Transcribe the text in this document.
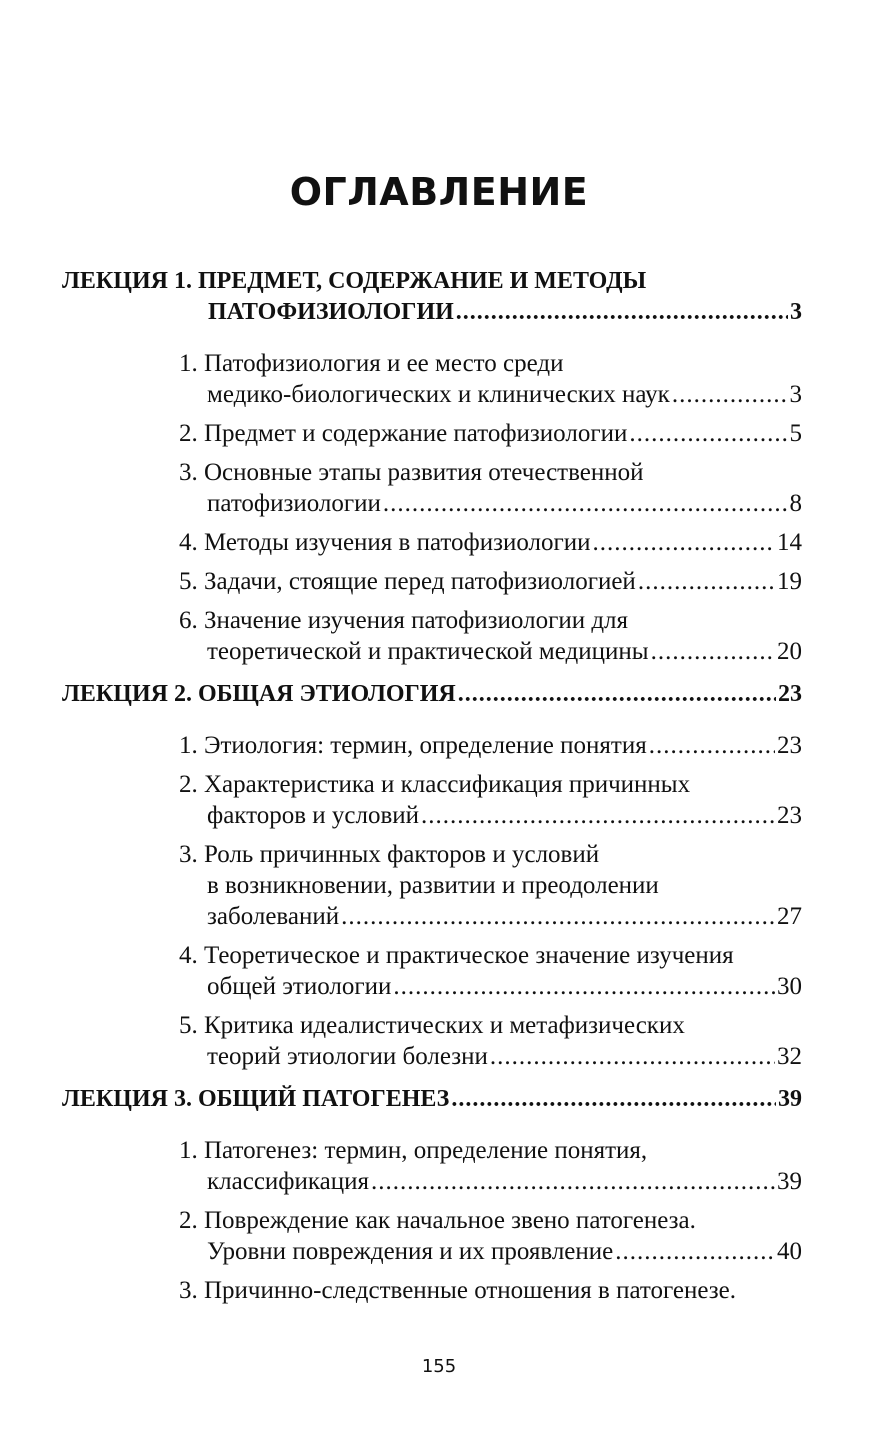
ОГЛАВЛЕНИЕ
ЛЕКЦИЯ 1. ПРЕДМЕТ, СОДЕРЖАНИЕ И МЕТОДЫ
ПАТОФИЗИОЛОГИИ .....	3
1. Патофизиология и ее место среди
медико-биологических и клинических наук .....	3
2. Предмет и содержание патофизиологии .....	5
3. Основные этапы развития отечественной
патофизиологии .....	8
4. Методы изучения в патофизиологии .....	14
5. Задачи, стоящие перед патофизиологией .....	19
6. Значение изучения патофизиологии для
теоретической и практической медицины .....	20
ЛЕКЦИЯ 2. ОБЩАЯ ЭТИОЛОГИЯ .....	23
1. Этиология: термин, определение понятия .....	23
2. Характеристика и классификация причинных
факторов и условий .....	23
3. Роль причинных факторов и условий
в возникновении, развитии и преодолении
заболеваний .....	27
4. Теоретическое и практическое значение изучения
общей этиологии .....	30
5. Критика идеалистических и метафизических
теорий этиологии болезни .....	32
ЛЕКЦИЯ 3. ОБЩИЙ ПАТОГЕНЕЗ .....	39
1. Патогенез: термин, определение понятия,
классификация .....	39
2. Повреждение как начальное звено патогенеза.
Уровни повреждения и их проявление .....	40
3. Причинно-следственные отношения в патогенезе.
155
